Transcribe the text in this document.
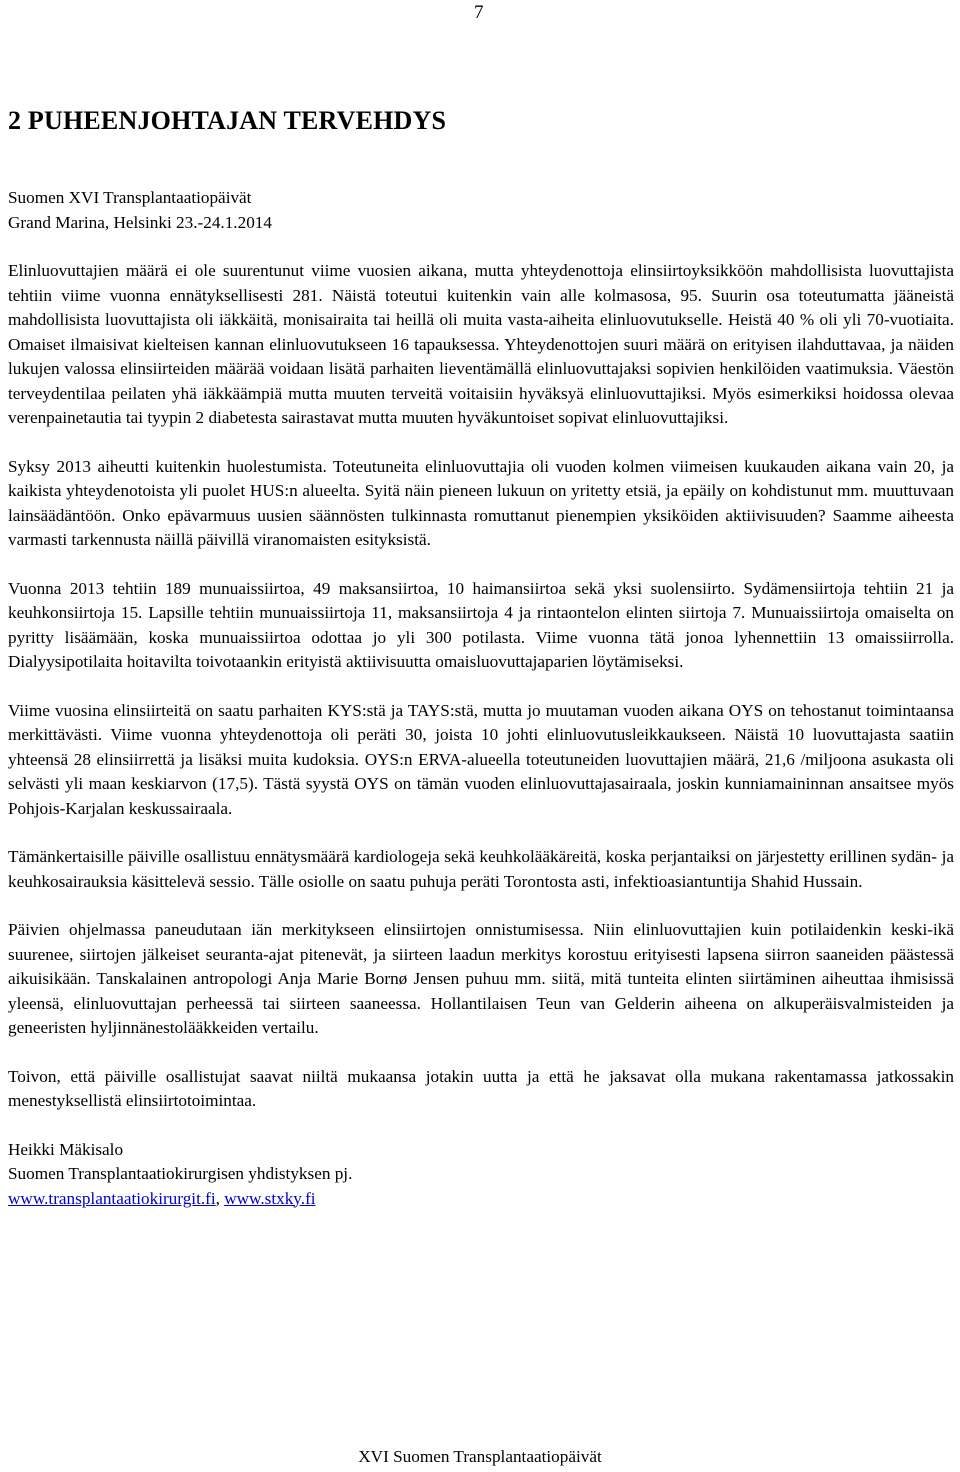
7
2 PUHEENJOHTAJAN TERVEHDYS

Suomen XVI Transplantaatiopäivät

Grand Marina, Helsinki 23.-24.1.2014

Elinluovuttajien määrä ei ole suurentunut viime vuosien aikana, mutta yhteydenottoja elinsiirtoyksikköön mahdollisista luovuttajista tehtiin viime vuonna ennätyksellisesti 281. Näistä toteutui kuitenkin vain alle kolmasosa, 95. Suurin osa toteutumatta jääneistä mahdollisista luovuttajista oli iäkkäitä, monisairaita tai heillä oli muita vasta-aiheita elinluovutukselle. Heistä 40 % oli yli 70-vuotiaita. Omaiset ilmaisivat kielteisen kannan elinluovutukseen 16 tapauksessa. Yhteydenottojen suuri määrä on erityisen ilahduttavaa, ja näiden lukujen valossa elinsiirteiden määrää voidaan lisätä parhaiten lieventämällä elinluovuttajaksi sopivien henkilöiden vaatimuksia. Väestön terveydentilaa peilaten yhä iäkkäämpiä mutta muuten terveitä voitaisiin hyväksyä elinluovuttajiksi. Myös esimerkiksi hoidossa olevaa verenpainetautia tai tyypin 2 diabetesta sairastavat mutta muuten hyväkuntoiset sopivat elinluovuttajiksi.

Syksy 2013 aiheutti kuitenkin huolestumista. Toteutuneita elinluovuttajia oli vuoden kolmen viimeisen kuukauden aikana vain 20, ja kaikista yhteydenotoista yli puolet HUS:n alueelta. Syitä näin pieneen lukuun on yritetty etsiä, ja epäily on kohdistunut mm. muuttuvaan lainsäädäntöön. Onko epävarmuus uusien säännösten tulkinnasta romuttanut pienempien yksiköiden aktiivisuuden? Saamme aiheesta varmasti tarkennusta näillä päivillä viranomaisten esityksistä.

Vuonna 2013 tehtiin 189 munuaissiirtoa, 49 maksansiirtoa, 10 haimansiirtoa sekä yksi suolensiirto. Sydämensiirtoja tehtiin 21 ja keuhkonsiirtoja 15. Lapsille tehtiin munuaissiirtoja 11, maksansiirtoja 4 ja rintaontelon elinten siirtoja 7. Munuaissiirtoja omaiselta on pyritty lisäämään, koska munuaissiirtoa odottaa jo yli 300 potilasta. Viime vuonna tätä jonoa lyhennettiin 13 omaissiirrolla. Dialyysipotilaita hoitavilta toivotaankin erityistä aktiivisuutta omaisluovuttajaparien löytämiseksi.

Viime vuosina elinsiirteitä on saatu parhaiten KYS:stä ja TAYS:stä, mutta jo muutaman vuoden aikana OYS on tehostanut toimintaansa merkittävästi. Viime vuonna yhteydenottoja oli peräti 30, joista 10 johti elinluovutusleikkaukseen. Näistä 10 luovuttajasta saatiin yhteensä 28 elinsiirrettä ja lisäksi muita kudoksia. OYS:n ERVA-alueella toteutuneiden luovuttajien määrä, 21,6 /miljoona asukasta oli selvästi yli maan keskiarvon (17,5). Tästä syystä OYS on tämän vuoden elinluovuttajasairaala, joskin kunniamaininnan ansaitsee myös Pohjois-Karjalan keskussairaala.

Tämänkertaisille päiville osallistuu ennätysmäärä kardiologeja sekä keuhkolääkäreitä, koska perjantaiksi on järjestetty erillinen sydän- ja keuhkosairauksia käsittelevä sessio. Tälle osiolle on saatu puhuja peräti Torontosta asti, infektioasiantuntija Shahid Hussain.

Päivien ohjelmassa paneudutaan iän merkitykseen elinsiirtojen onnistumisessa. Niin elinluovuttajien kuin potilaidenkin keski-ikä suurenee, siirtojen jälkeiset seuranta-ajat pitenevät, ja siirteen laadun merkitys korostuu erityisesti lapsena siirron saaneiden päästessä aikuisikään. Tanskalainen antropologi Anja Marie Bornø Jensen puhuu mm. siitä, mitä tunteita elinten siirtäminen aiheuttaa ihmisissä yleensä, elinluovuttajan perheessä tai siirteen saaneessa. Hollantilaisen Teun van Gelderin aiheena on alkuperäisvalmisteiden ja geneeristen hyljinnänestolääkkeiden vertailu.

Toivon, että päiville osallistujat saavat niiltä mukaansa jotakin uutta ja että he jaksavat olla mukana rakentamassa jatkossakin menestyksellistä elinsiirtotoimintaa.

Heikki Mäkisalo

Suomen Transplantaatiokirurgisen yhdistyksen pj.

www.transplantaatiokirurgit.fi, www.stxky.fi

XVI Suomen Transplantaatiopäivät
